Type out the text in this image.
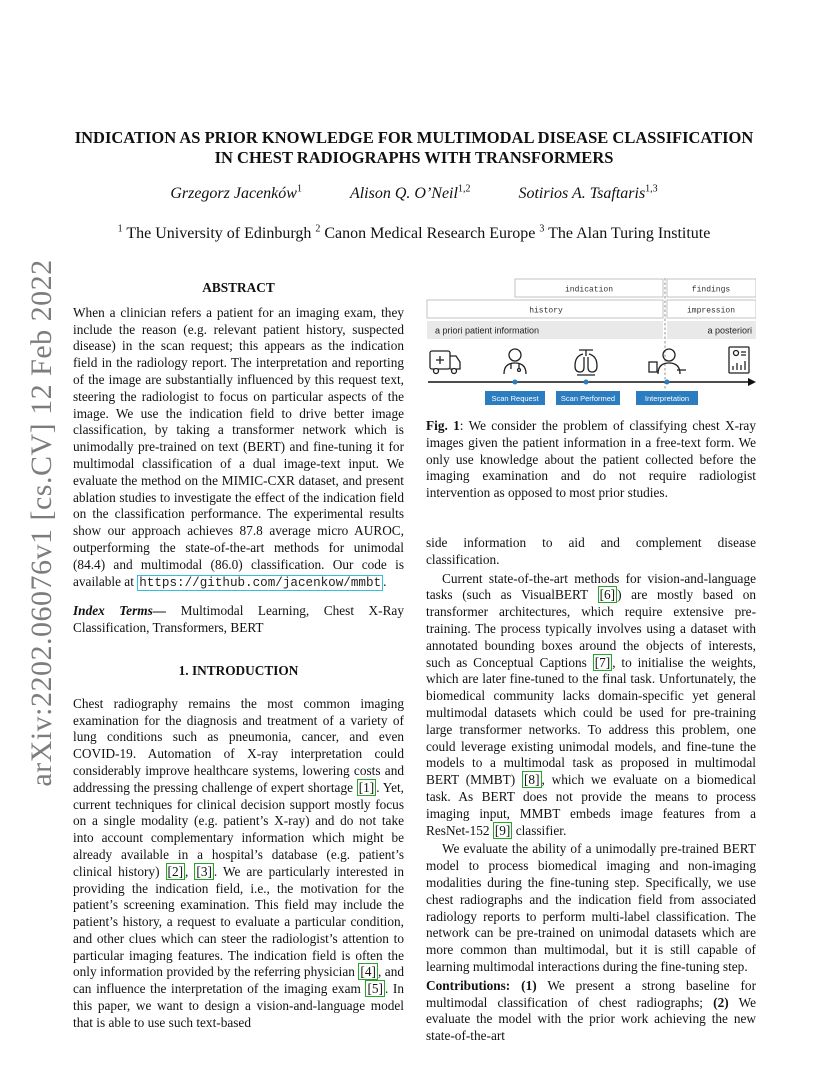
arXiv:2202.06076v1 [cs.CV] 12 Feb 2022
INDICATION AS PRIOR KNOWLEDGE FOR MULTIMODAL DISEASE CLASSIFICATION
IN CHEST RADIOGRAPHS WITH TRANSFORMERS
Grzegorz Jacenków$^1$	Alison Q. O’Neil$^{1,2}$	Sotirios A. Tsaftaris$^{1,3}$
$^1$ The University of Edinburgh $^2$ Canon Medical Research Europe $^3$ The Alan Turing Institute
ABSTRACT

When a clinician refers a patient for an imaging exam, they include the reason (e.g. relevant patient history, suspected disease) in the scan request; this appears as the indication field in the radiology report. The interpretation and reporting of the image are substantially influenced by this request text, steering the radiologist to focus on particular aspects of the image. We use the indication field to drive better image classification, by taking a transformer network which is unimodally pre-trained on text (BERT) and fine-tuning it for multimodal classification of a dual image-text input. We evaluate the method on the MIMIC-CXR dataset, and present ablation studies to investigate the effect of the indication field on the classification performance. The experimental results show our approach achieves 87.8 average micro AUROC, outperforming the state-of-the-art methods for unimodal (84.4) and multimodal (86.0) classification. Our code is available at https://github.com/jacenkow/mmbt .

Index Terms— Multimodal Learning, Chest X-Ray Classification, Transformers, BERT

1. INTRODUCTION

Chest radiography remains the most common imaging examination for the diagnosis and treatment of a variety of lung conditions such as pneumonia, cancer, and even COVID-19. Automation of X-ray interpretation could considerably improve healthcare systems, lowering costs and addressing the pressing challenge of expert shortage [1] . Yet, current techniques for clinical decision support mostly focus on a single modality (e.g. patient’s X-ray) and do not take into account complementary information which might be already available in a hospital’s database (e.g. patient’s clinical history) [2] , [3] . We are particularly interested in providing the indication field, i.e., the motivation for the patient’s screening examination. This field may include the patient’s history, a request to evaluate a particular condition, and other clues which can steer the radiologist’s attention to particular imaging features. The indication field is often the only information provided by the referring physician [4] , and can influence the interpretation of the imaging exam [5] . In this paper, we want to design a vision-and-language model that is able to use such text-based

indication	findings
history	impression
a priori patient information	a posteriori
Scan Request	Scan Performed	Interpretation
Fig. 1: We consider the problem of classifying chest X-ray images given the patient information in a free-text form. We only use knowledge about the patient collected before the imaging examination and do not require radiologist intervention as opposed to most prior studies.

side information to aid and complement disease classification.

Current state-of-the-art methods for vision-and-language tasks (such as VisualBERT [6] ) are mostly based on transformer architectures, which require extensive pre-training. The process typically involves using a dataset with annotated bounding boxes around the objects of interests, such as Conceptual Captions [7] , to initialise the weights, which are later fine-tuned to the final task. Unfortunately, the biomedical community lacks domain-specific yet general multimodal datasets which could be used for pre-training large transformer networks. To address this problem, one could leverage existing unimodal models, and fine-tune the models to a multimodal task as proposed in multimodal BERT (MMBT) [8] , which we evaluate on a biomedical task. As BERT does not provide the means to process imaging input, MMBT embeds image features from a ResNet-152 [9] classifier.

We evaluate the ability of a unimodally pre-trained BERT model to process biomedical imaging and non-imaging modalities during the fine-tuning step. Specifically, we use chest radiographs and the indication field from associated radiology reports to perform multi-label classification. The network can be pre-trained on unimodal datasets which are more common than multimodal, but it is still capable of learning multimodal interactions during the fine-tuning step.

Contributions: (1) We present a strong baseline for multimodal classification of chest radiographs; (2) We evaluate the model with the prior work achieving the new state-of-the-art
